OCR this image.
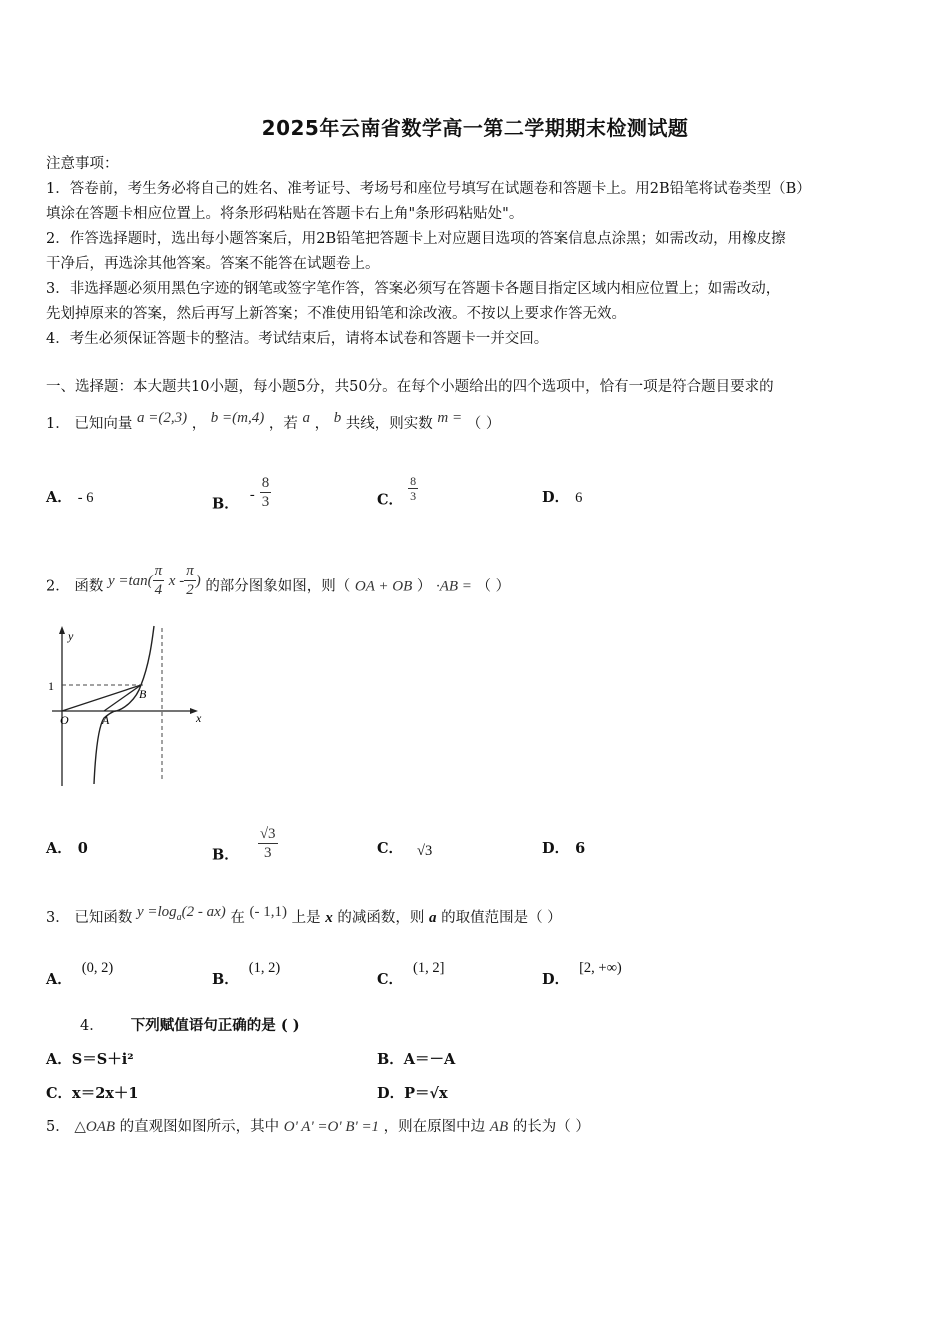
2025年云南省数学高一第二学期期末检测试题
注意事项：
1．答卷前，考生务必将自己的姓名、准考证号、考场号和座位号填写在试题卷和答题卡上。用2B铅笔将试卷类型（B）
填涂在答题卡相应位置上。将条形码粘贴在答题卡右上角"条形码粘贴处"。
2．作答选择题时，选出每小题答案后，用2B铅笔把答题卡上对应题目选项的答案信息点涂黑；如需改动，用橡皮擦
干净后，再选涂其他答案。答案不能答在试题卷上。
3．非选择题必须用黑色字迹的钢笔或签字笔作答，答案必须写在答题卡各题目指定区域内相应位置上；如需改动，
先划掉原来的答案，然后再写上新答案；不准使用铅笔和涂改液。不按以上要求作答无效。
4．考生必须保证答题卡的整洁。考试结束后，请将本试卷和答题卡一并交回。
一、选择题：本大题共10小题，每小题5分，共50分。在每个小题给出的四个选项中，恰有一项是符合题目要求的
1． 已知向量 a =(2,3) ， b =(m,4) ，若 a ， b 共线，则实数 m = （ ）
A． - 6	B． - $\frac{8}{3}$	C． $\frac{8}{3}$	D． 6
2． 函数 $y =\tan( \frac{\pi}{4}$ x - $\frac{\pi}{2}$ ) 的部分图象如图，则（ OA + OB ） ·AB = （ ）
y
x
1
O	A
B
A． 0	B． $\frac{√3}{3}$	C． √3	D． 6
3． 已知函数 $y =\log_a(2 - ax)$ 在 (- 1,1) 上是 x 的减函数，则 a 的取值范围是（ ）
A．(0, 2)
B．(1, 2)
C．(1, 2]
D．[2, +∞)
4． 下列赋值语句正确的是 ( )
A．S＝S＋i²	B．A＝－A
C．x＝2x＋1	D．P＝√x
5． △OAB 的直观图如图所示，其中 O' A' =O' B' =1 ，则在原图中边 AB 的长为（ ）
